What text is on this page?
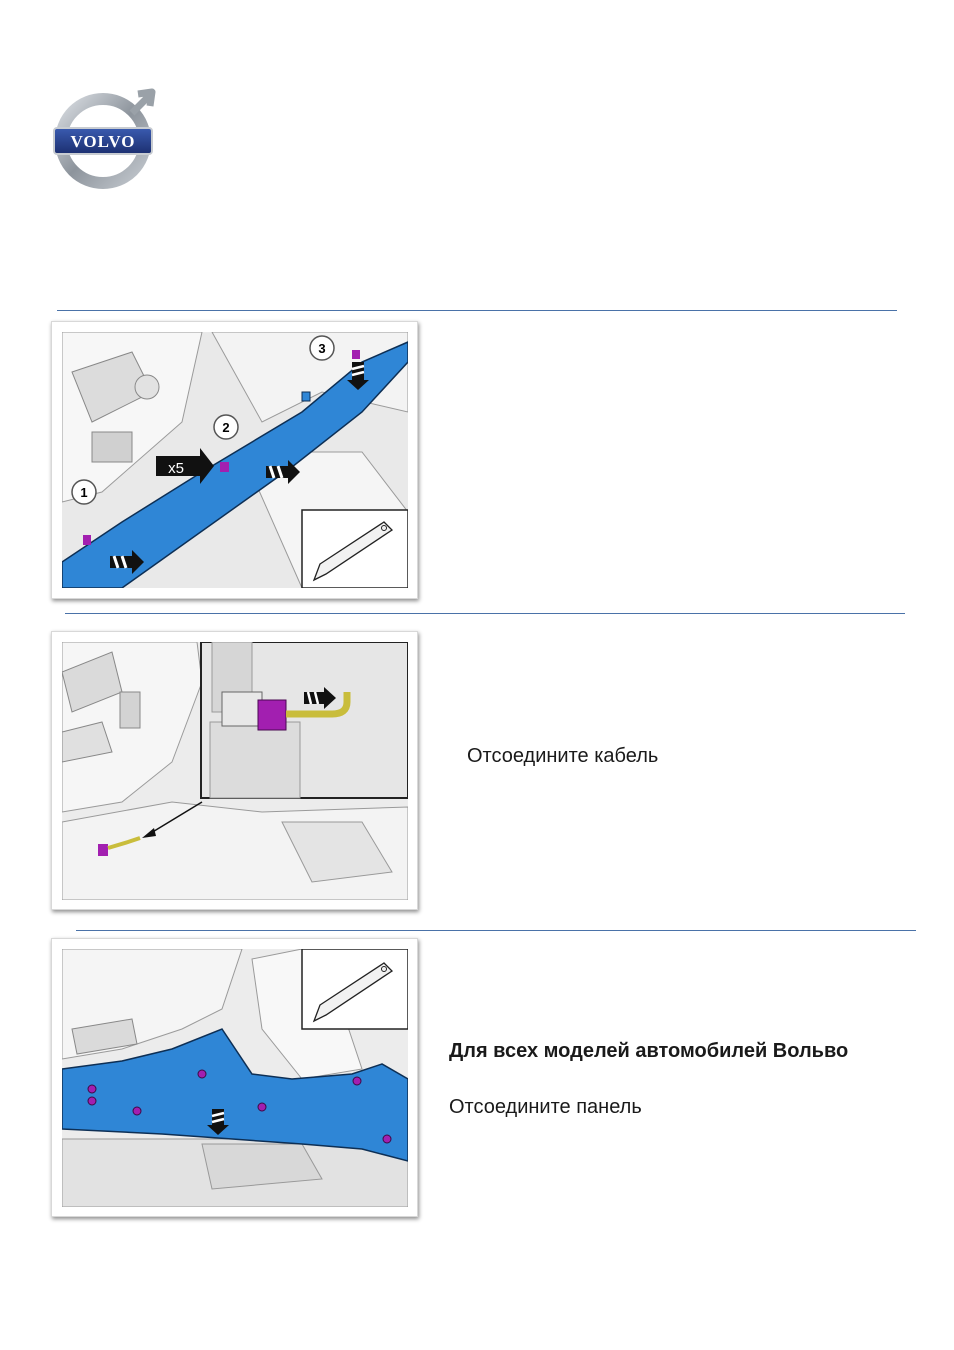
VOLVO
x5
1
2
3
Отсоедините кабель
Для всех моделей автомобилей Вольво
Отсоедините панель
